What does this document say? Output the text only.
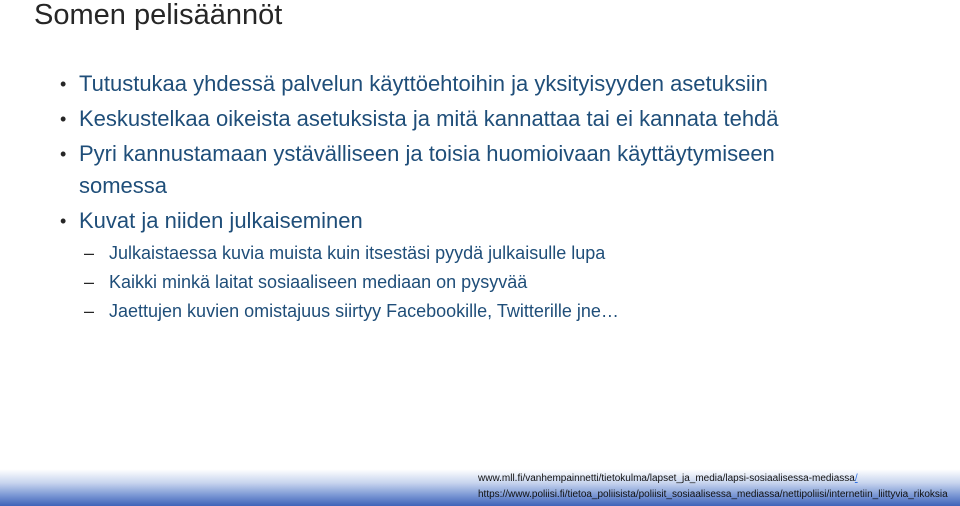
Somen pelisäännöt
• Tutustukaa yhdessä palvelun käyttöehtoihin ja yksityisyyden asetuksiin
• Keskustelkaa oikeista asetuksista ja mitä kannattaa tai ei kannata tehdä
• Pyri kannustamaan ystävälliseen ja toisia huomioivaan käyttäytymiseen somessa
• Kuvat ja niiden julkaiseminen
– Julkaistaessa kuvia muista kuin itsestäsi pyydä julkaisulle lupa
– Kaikki minkä laitat sosiaaliseen mediaan on pysyvää
– Jaettujen kuvien omistajuus siirtyy Facebookille, Twitterille jne…
www.mll.fi/vanhempainnetti/tietokulma/lapset_ja_media/lapsi-sosiaalisessa-mediassa/
https://www.poliisi.fi/tietoa_poliisista/poliisit_sosiaalisessa_mediassa/nettipoliisi/internetiin_liittyvia_rikoksia
